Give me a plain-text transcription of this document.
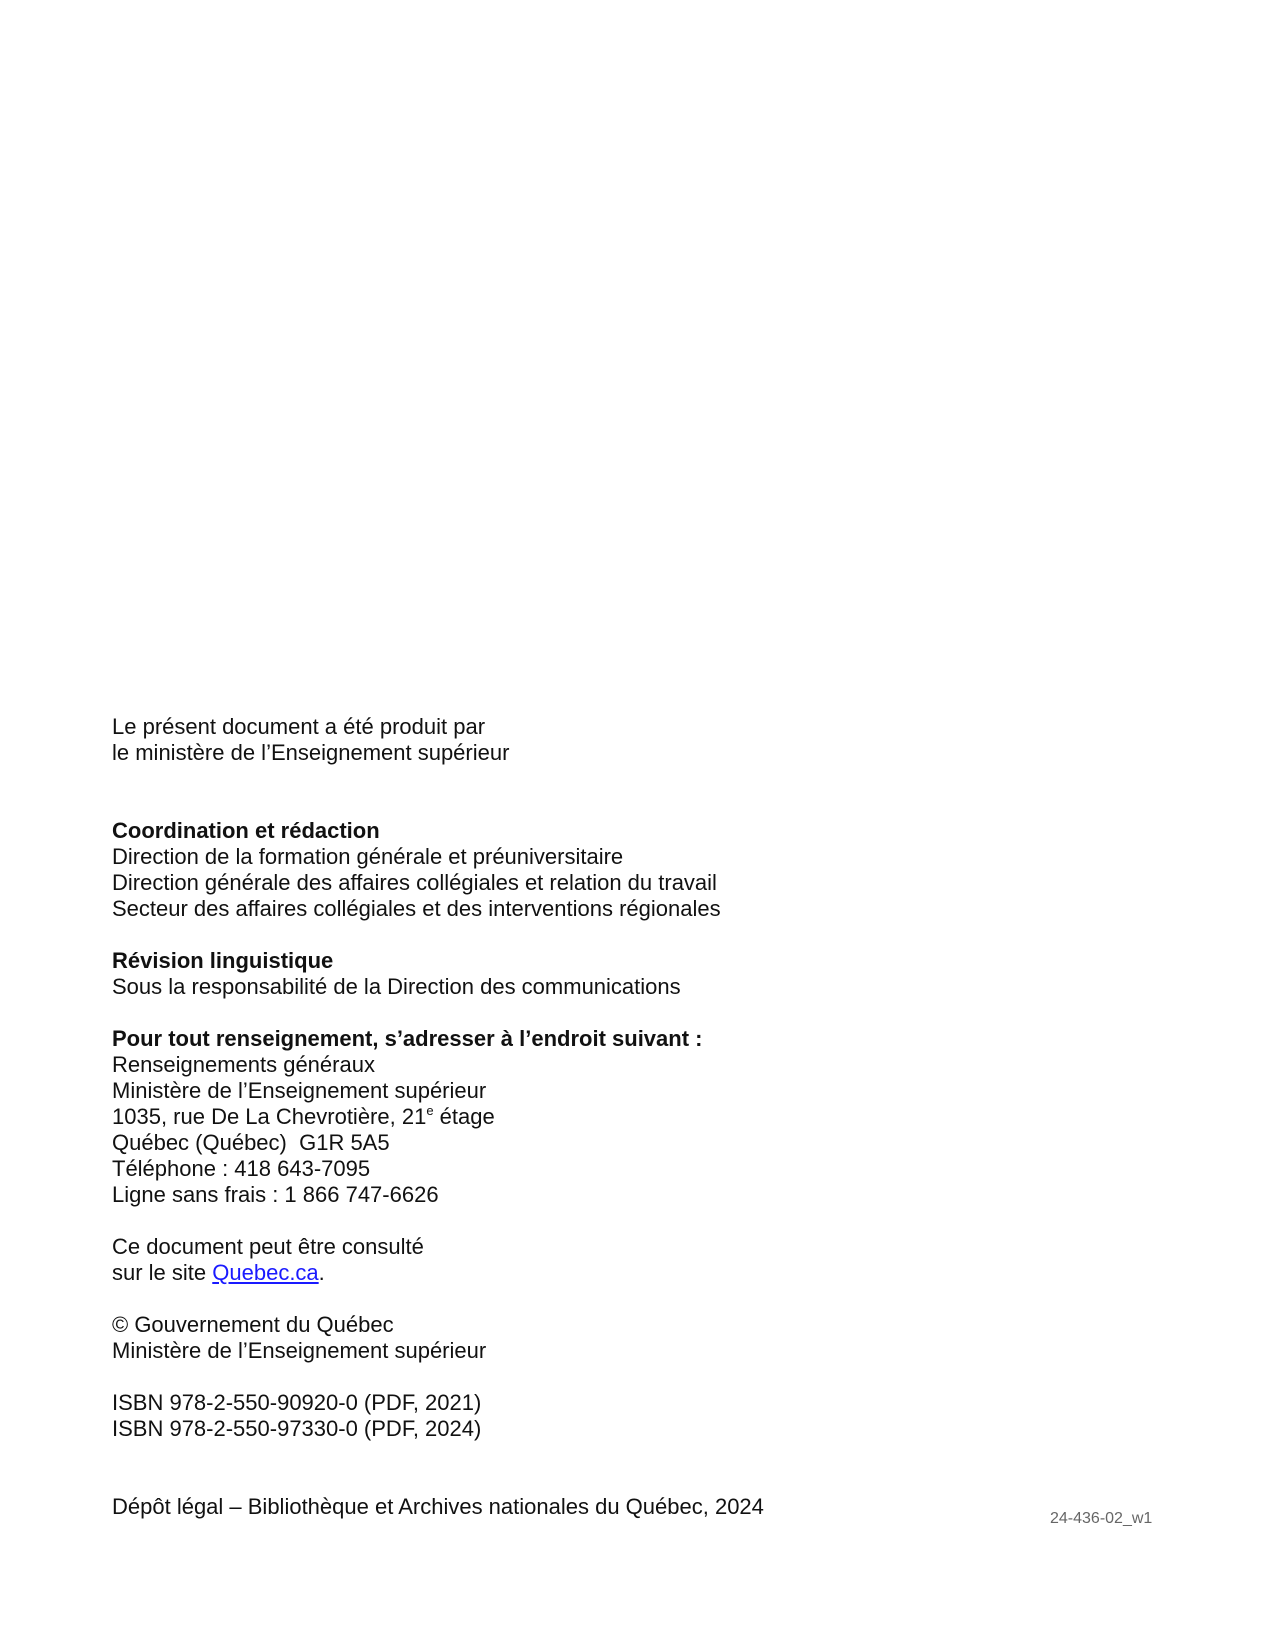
Le présent document a été produit par
le ministère de l’Enseignement supérieur
Coordination et rédaction
Direction de la formation générale et préuniversitaire
Direction générale des affaires collégiales et relation du travail
Secteur des affaires collégiales et des interventions régionales
Révision linguistique
Sous la responsabilité de la Direction des communications
Pour tout renseignement, s’adresser à l’endroit suivant :
Renseignements généraux
Ministère de l’Enseignement supérieur
1035, rue De La Chevrotière, 21e étage
Québec (Québec)  G1R 5A5
Téléphone : 418 643-7095
Ligne sans frais : 1 866 747-6626
Ce document peut être consulté
sur le site Quebec.ca.
© Gouvernement du Québec
Ministère de l’Enseignement supérieur
ISBN 978-2-550-90920-0 (PDF, 2021)
ISBN 978-2-550-97330-0 (PDF, 2024)
Dépôt légal – Bibliothèque et Archives nationales du Québec, 2024	24-436-02_w1
